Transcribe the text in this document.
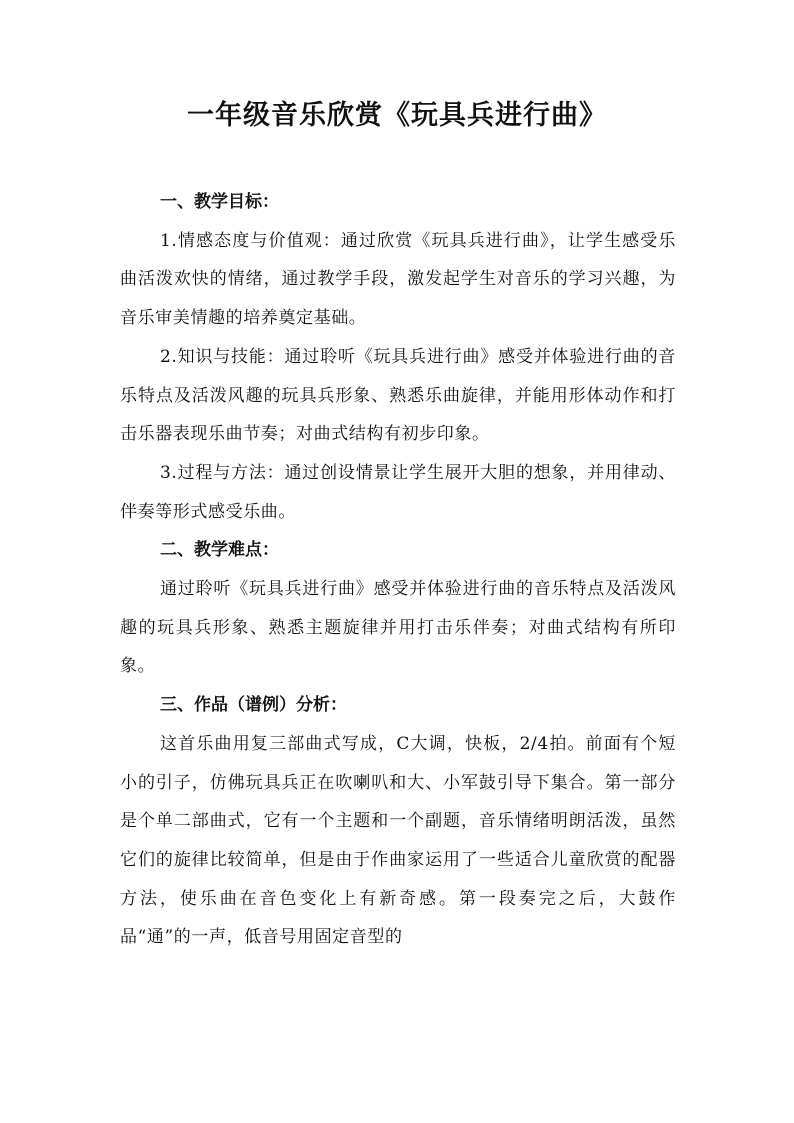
一年级音乐欣赏《玩具兵进行曲》

一、教学目标：

1.情感态度与价值观：通过欣赏《玩具兵进行曲》，让学生感受乐曲活泼欢快的情绪，通过教学手段，激发起学生对音乐的学习兴趣，为音乐审美情趣的培养奠定基础。

2.知识与技能：通过聆听《玩具兵进行曲》感受并体验进行曲的音乐特点及活泼风趣的玩具兵形象、熟悉乐曲旋律，并能用形体动作和打击乐器表现乐曲节奏；对曲式结构有初步印象。

3.过程与方法：通过创设情景让学生展开大胆的想象，并用律动、伴奏等形式感受乐曲。

二、教学难点：

通过聆听《玩具兵进行曲》感受并体验进行曲的音乐特点及活泼风趣的玩具兵形象、熟悉主题旋律并用打击乐伴奏；对曲式结构有所印象。

三、作品（谱例）分析：

这首乐曲用复三部曲式写成，C大调，快板，2/4拍。前面有个短小的引子，仿佛玩具兵正在吹喇叭和大、小军鼓引导下集合。第一部分是个单二部曲式，它有一个主题和一个副题，音乐情绪明朗活泼，虽然它们的旋律比较简单，但是由于作曲家运用了一些适合儿童欣赏的配器方法，使乐曲在音色变化上有新奇感。第一段奏完之后，大鼓作品“通”的一声，低音号用固定音型的
